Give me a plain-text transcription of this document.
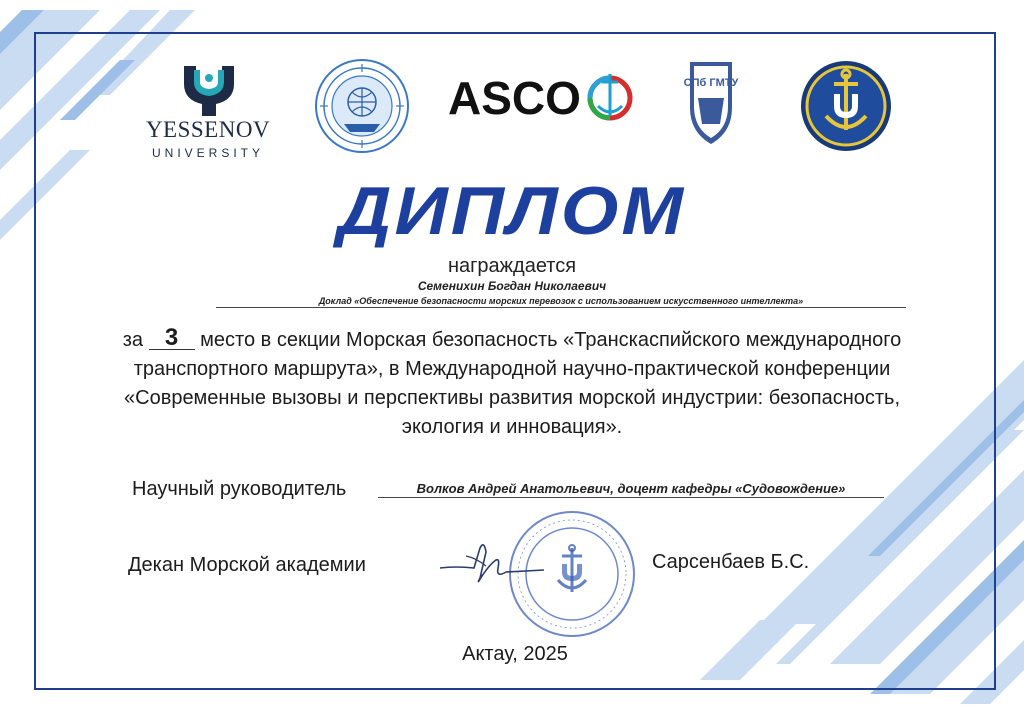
YESSENOV
UNIVERSITY
ASCO	СПб ГМТУ
ДИПЛОМ
награждается
Семенихин Богдан Николаевич
Доклад «Обеспечение безопасности морских перевозок с использованием искусственного интеллекта»
за 3 место в секции Морская безопасность «Транскаспийского международного транспортного маршрута», в Международной научно-практической конференции «Современные вызовы и перспективы развития морской индустрии: безопасность, экология и инновация».
Научный руководитель	Волков Андрей Анатольевич, доцент кафедры «Судовождение»
Декан Морской академии	Сарсенбаев Б.С.
Актау, 2025
